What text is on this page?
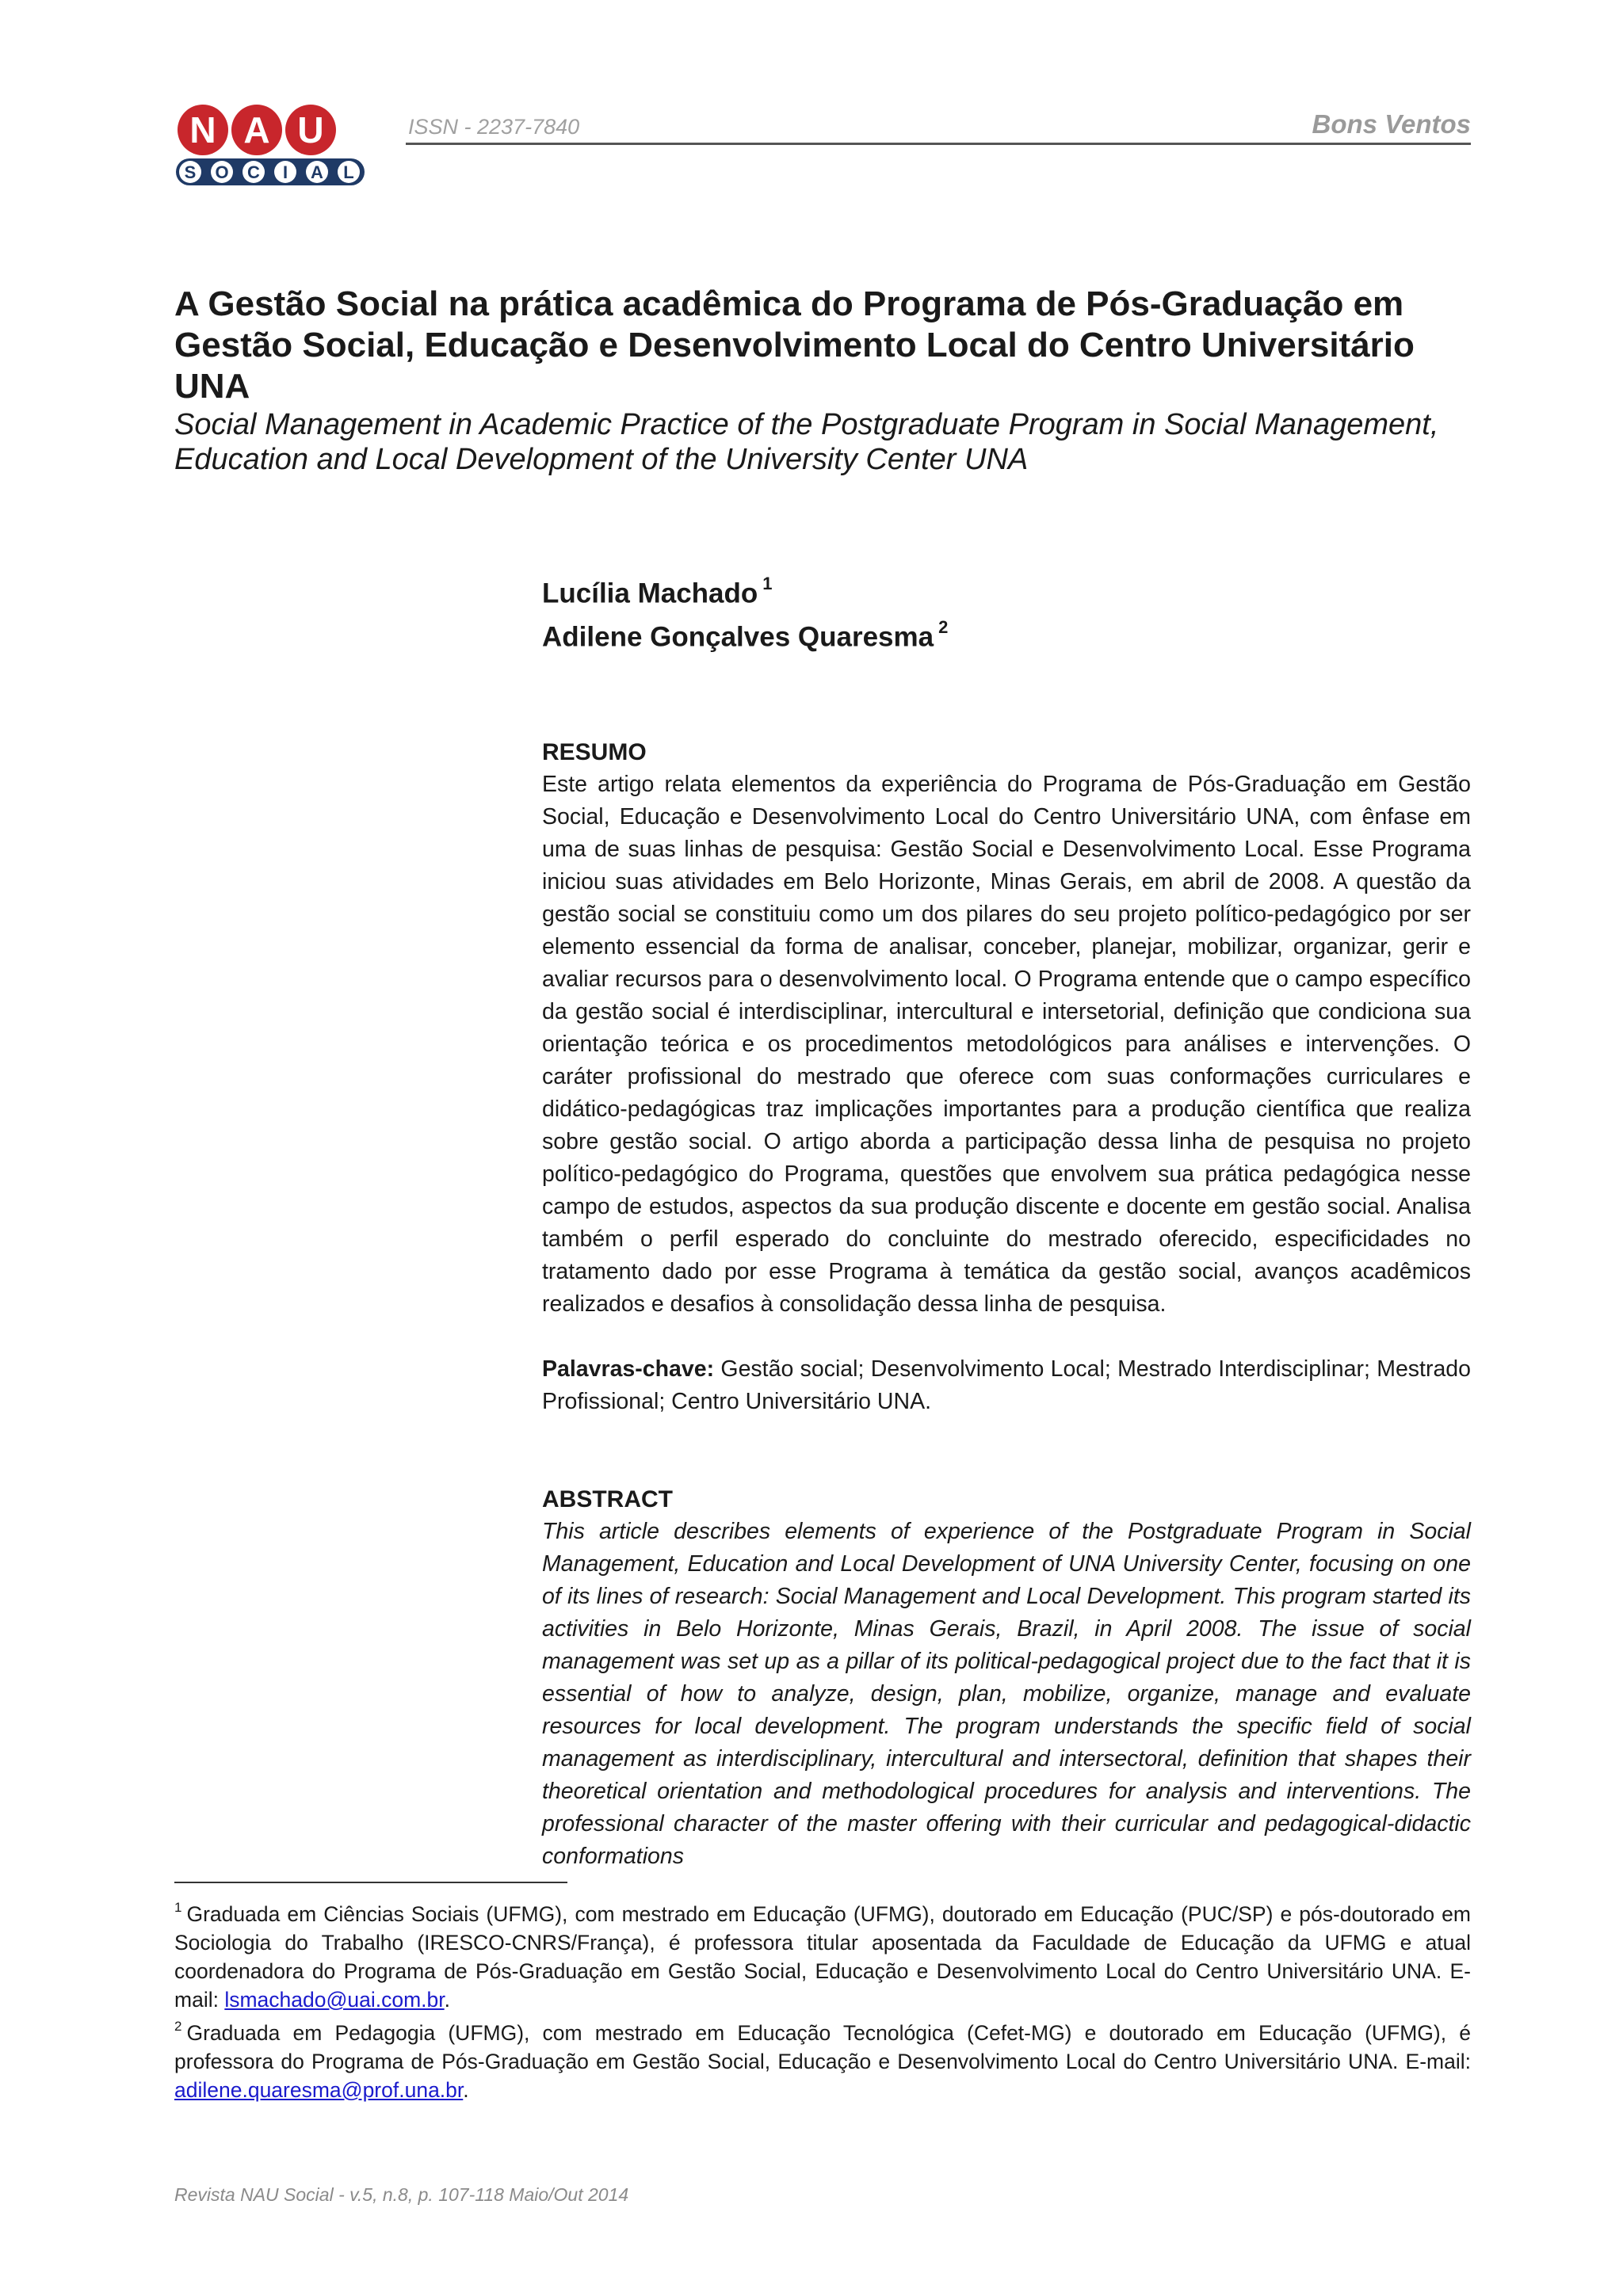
N A U
S O C I A L
ISSN - 2237-7840	Bons Ventos
A Gestão Social na prática acadêmica do Programa de Pós-Graduação em Gestão Social, Educação e Desenvolvimento Local do Centro Universitário UNA
Social Management in Academic Practice of the Postgraduate Program in Social Management, Education and Local Development of the University Center UNA
Lucília Machado $^1$
Adilene Gonçalves Quaresma $^2$
RESUMO
Este artigo relata elementos da experiência do Programa de Pós-Graduação em Gestão Social, Educação e Desenvolvimento Local do Centro Universitário UNA, com ênfase em uma de suas linhas de pesquisa: Gestão Social e Desenvolvimento Local. Esse Programa iniciou suas atividades em Belo Horizonte, Minas Gerais, em abril de 2008. A questão da gestão social se constituiu como um dos pilares do seu projeto político-pedagógico por ser elemento essencial da forma de analisar, conceber, planejar, mobilizar, organizar, gerir e avaliar recursos para o desenvolvimento local. O Programa entende que o campo específico da gestão social é interdisciplinar, intercultural e intersetorial, definição que condiciona sua orientação teórica e os procedimentos metodológicos para análises e intervenções. O caráter profissional do mestrado que oferece com suas conformações curriculares e didático-pedagógicas traz implicações importantes para a produção científica que realiza sobre gestão social. O artigo aborda a participação dessa linha de pesquisa no projeto político-pedagógico do Programa, questões que envolvem sua prática pedagógica nesse campo de estudos, aspectos da sua produção discente e docente em gestão social. Analisa também o perfil esperado do concluinte do mestrado oferecido, especificidades no tratamento dado por esse Programa à temática da gestão social, avanços acadêmicos realizados e desafios à consolidação dessa linha de pesquisa.
Palavras-chave: Gestão social; Desenvolvimento Local; Mestrado Interdisciplinar; Mestrado Profissional; Centro Universitário UNA.
ABSTRACT
This article describes elements of experience of the Postgraduate Program in Social Management, Education and Local Development of UNA University Center, focusing on one of its lines of research: Social Management and Local Development. This program started its activities in Belo Horizonte, Minas Gerais, Brazil, in April 2008. The issue of social management was set up as a pillar of its political-pedagogical project due to the fact that it is essential of how to analyze, design, plan, mobilize, organize, manage and evaluate resources for local development. The program understands the specific field of social management as interdisciplinary, intercultural and intersectoral, definition that shapes their theoretical orientation and methodological procedures for analysis and interventions. The professional character of the master offering with their curricular and pedagogical-didactic conformations

$^1$ Graduada em Ciências Sociais (UFMG), com mestrado em Educação (UFMG), doutorado em Educação (PUC/SP) e pós-doutorado em Sociologia do Trabalho (IRESCO-CNRS/França), é professora titular aposentada da Faculdade de Educação da UFMG e atual coordenadora do Programa de Pós-Graduação em Gestão Social, Educação e Desenvolvimento Local do Centro Universitário UNA. E-mail: lsmachado@uai.com.br.

$^2$ Graduada em Pedagogia (UFMG), com mestrado em Educação Tecnológica (Cefet-MG) e doutorado em Educação (UFMG), é professora do Programa de Pós-Graduação em Gestão Social, Educação e Desenvolvimento Local do Centro Universitário UNA. E-mail: adilene.quaresma@prof.una.br.

Revista NAU Social - v.5, n.8, p. 107-118 Maio/Out 2014
